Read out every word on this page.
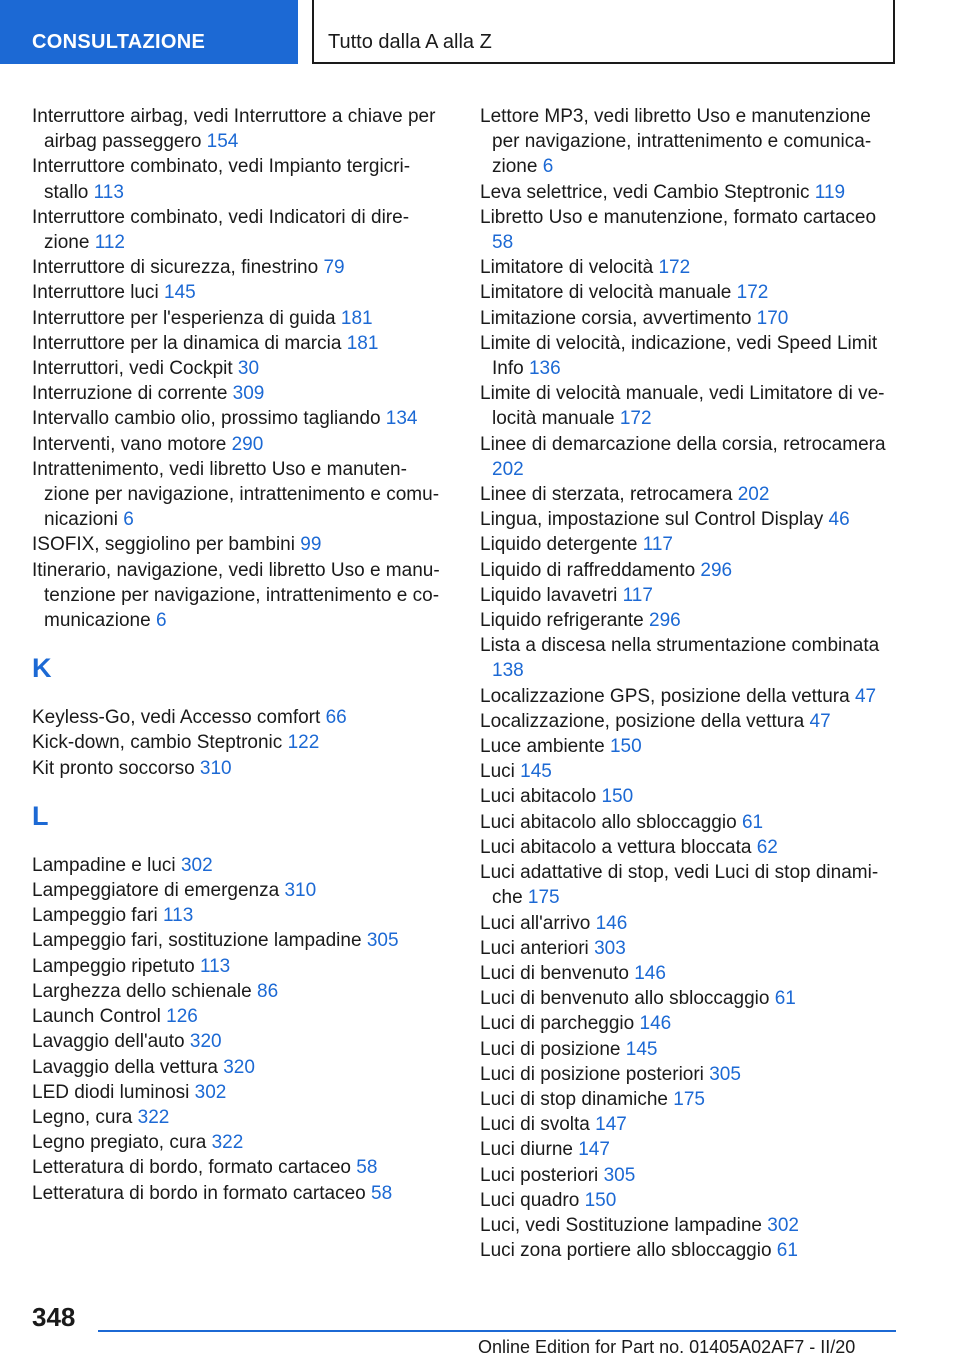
CONSULTAZIONE	Tutto dalla A alla Z

Interruttore airbag, vedi Interruttore a chiave per airbag passeggero 154

Interruttore combinato, vedi Impianto tergicristallo 113

Interruttore combinato, vedi Indicatori di direzione 112

Interruttore di sicurezza, finestrino 79

Interruttore luci 145

Interruttore per l'esperienza di guida 181

Interruttore per la dinamica di marcia 181

Interruttori, vedi Cockpit 30

Interruzione di corrente 309

Intervallo cambio olio, prossimo tagliando 134

Interventi, vano motore 290

Intrattenimento, vedi libretto Uso e manutenzione per navigazione, intrattenimento e comunicazioni 6

ISOFIX, seggiolino per bambini 99

Itinerario, navigazione, vedi libretto Uso e manutenzione per navigazione, intrattenimento e comunicazione 6

K

Keyless-Go, vedi Accesso comfort 66

Kick-down, cambio Steptronic 122

Kit pronto soccorso 310

L

Lampadine e luci 302

Lampeggiatore di emergenza 310

Lampeggio fari 113

Lampeggio fari, sostituzione lampadine 305

Lampeggio ripetuto 113

Larghezza dello schienale 86

Launch Control 126

Lavaggio dell'auto 320

Lavaggio della vettura 320

LED diodi luminosi 302

Legno, cura 322

Legno pregiato, cura 322

Letteratura di bordo, formato cartaceo 58

Letteratura di bordo in formato cartaceo 58

Lettore MP3, vedi libretto Uso e manutenzione per navigazione, intrattenimento e comunicazione 6

Leva selettrice, vedi Cambio Steptronic 119

Libretto Uso e manutenzione, formato cartaceo 58

Limitatore di velocità 172

Limitatore di velocità manuale 172

Limitazione corsia, avvertimento 170

Limite di velocità, indicazione, vedi Speed Limit Info 136

Limite di velocità manuale, vedi Limitatore di velocità manuale 172

Linee di demarcazione della corsia, retrocamera 202

Linee di sterzata, retrocamera 202

Lingua, impostazione sul Control Display 46

Liquido detergente 117

Liquido di raffreddamento 296

Liquido lavavetri 117

Liquido refrigerante 296

Lista a discesa nella strumentazione combinata 138

Localizzazione GPS, posizione della vettura 47

Localizzazione, posizione della vettura 47

Luce ambiente 150

Luci 145

Luci abitacolo 150

Luci abitacolo allo sbloccaggio 61

Luci abitacolo a vettura bloccata 62

Luci adattative di stop, vedi Luci di stop dinamiche 175

Luci all'arrivo 146

Luci anteriori 303

Luci di benvenuto 146

Luci di benvenuto allo sbloccaggio 61

Luci di parcheggio 146

Luci di posizione 145

Luci di posizione posteriori 305

Luci di stop dinamiche 175

Luci di svolta 147

Luci diurne 147

Luci posteriori 305

Luci quadro 150

Luci, vedi Sostituzione lampadine 302

Luci zona portiere allo sbloccaggio 61

348
Online Edition for Part no. 01405A02AF7 - II/20
